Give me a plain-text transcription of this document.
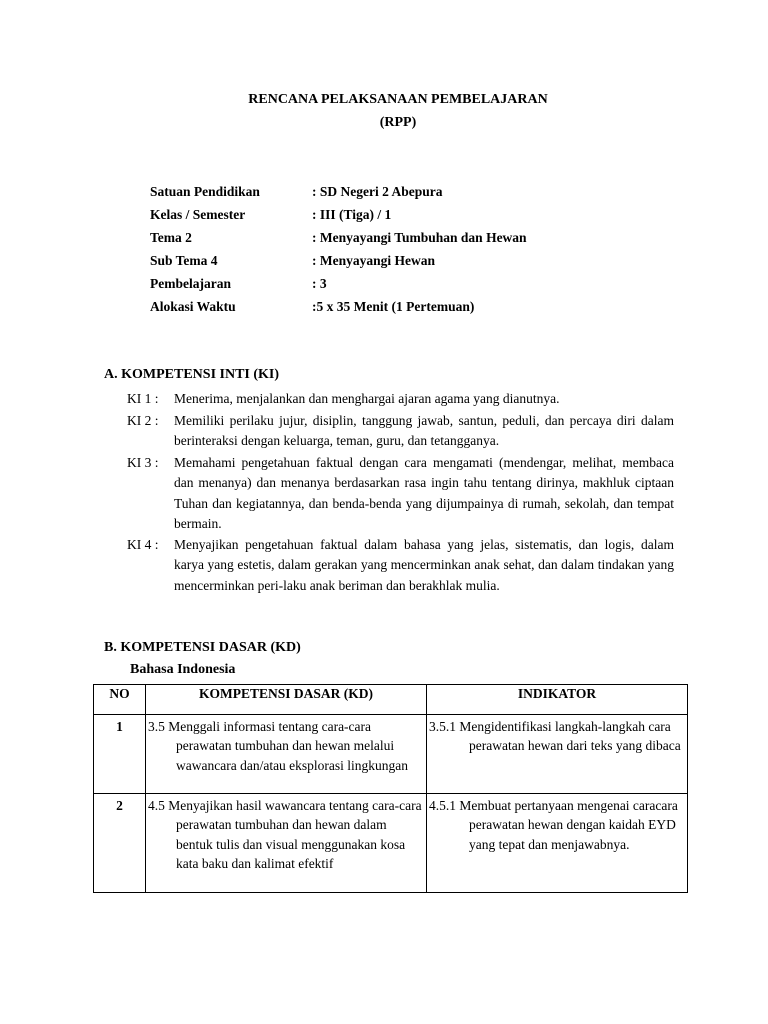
RENCANA PELAKSANAAN PEMBELAJARAN
(RPP)
Satuan Pendidikan	: SD Negeri 2 Abepura
Kelas / Semester	: III (Tiga) / 1
Tema 2	: Menyayangi Tumbuhan dan Hewan
Sub Tema 4	: Menyayangi Hewan
Pembelajaran	: 3
Alokasi Waktu	:5 x 35 Menit (1 Pertemuan)
A. KOMPETENSI INTI (KI)
KI 1 : Menerima, menjalankan dan menghargai ajaran agama yang dianutnya.
KI 2 : Memiliki perilaku jujur, disiplin, tanggung jawab, santun, peduli, dan percaya diri dalam berinteraksi dengan keluarga, teman, guru, dan tetangganya.
KI 3 : Memahami pengetahuan faktual dengan cara mengamati (mendengar, melihat, membaca dan menanya) dan menanya berdasarkan rasa ingin tahu tentang dirinya, makhluk ciptaan Tuhan dan kegiatannya, dan benda-benda yang dijumpainya di rumah, sekolah, dan tempat bermain.
KI 4 : Menyajikan pengetahuan faktual dalam bahasa yang jelas, sistematis, dan logis, dalam karya yang estetis, dalam gerakan yang mencerminkan anak sehat, dan dalam tindakan yang mencerminkan peri-laku anak beriman dan berakhlak mulia.
B. KOMPETENSI DASAR (KD)
Bahasa Indonesia
NO	KOMPETENSI DASAR (KD)	INDIKATOR
1	3.5 Menggali informasi tentang cara-cara perawatan tumbuhan dan hewan melalui wawancara dan/atau eksplorasi lingkungan	3.5.1 Mengidentifikasi langkah-langkah cara perawatan hewan dari teks yang dibaca

2	4.5 Menyajikan hasil wawancara tentang cara-cara perawatan tumbuhan dan hewan dalam bentuk tulis dan visual menggunakan kosa kata baku dan kalimat efektif	4.5.1 Membuat pertanyaan mengenai caracara perawatan hewan dengan kaidah EYD yang tepat dan menjawabnya.
